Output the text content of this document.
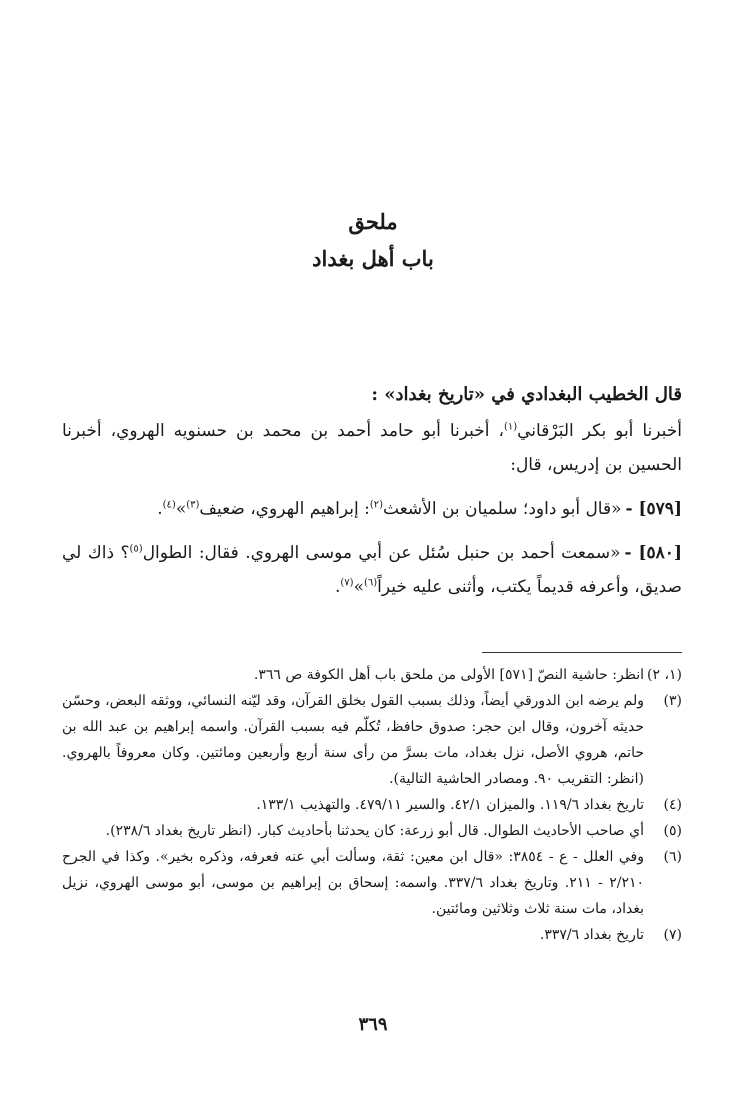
ملحق
باب أهل بغداد

قال الخطيب البغدادي في «تاريخ بغداد» :

أخبرنا أبو بكر البَرْقاني$^{(١)}$، أخبرنا أبو حامد أحمد بن محمد بن حسنويه الهروي، أخبرنا الحسين بن إدريس، قال:

[٥٧٩] -«قال أبو داود؛ سلميان بن الأشعث$^{(٢)}$: إبراهيم الهروي، ضعيف$^{(٣)}$»$^{(٤)}$.

[٥٨٠] -«سمعت أحمد بن حنبل سُئل عن أبي موسى الهروي. فقال: الطوال$^{(٥)}$؟ ذاك لي صديق، وأعرفه قديماً يكتب، وأثنى عليه خيراً$^{(٦)}$»$^{(٧)}$.

(١، ٢)
انظر: حاشية النصّ [٥٧١] الأولى من ملحق باب أهل الكوفة ص ٣٦٦.
(٣)
ولم يرضه ابن الدورقي أيضاً، وذلك بسبب القول بخلق القرآن، وقد ليّنه النسائي، ووثقه البعض، وحسّن حديثه آخرون، وقال ابن حجر: صدوق حافظ، تُكلّم فيه بسبب القرآن. واسمه إبراهيم بن عبد الله بن حاتم، هروي الأصل، نزل بغداد، مات بسرَّ من رأى سنة أربع وأربعين ومائتين. وكان معروفاً بالهروي. (انظر: التقريب ٩٠. ومصادر الحاشية التالية).
(٤)
تاريخ بغداد ١١٩/٦. والميزان ٤٢/١. والسير ٤٧٩/١١. والتهذيب ١٣٣/١.
(٥)
أي صاحب الأحاديث الطوال. قال أبو زرعة: كان يحدثنا بأحاديث كبار. (انظر تاريخ بغداد ٢٣٨/٦).
(٦)
وفي العلل - ع - ٣٨٥٤: «قال ابن معين: ثقة، وسألت أبي عنه فعرفه، وذكره بخير». وكذا في الجرح ٢/٢١٠ - ٢١١. وتاريخ بغداد ٣٣٧/٦. واسمه: إسحاق بن إبراهيم بن موسى، أبو موسى الهروي، نزيل بغداد، مات سنة ثلاث وثلاثين ومائتين.
(٧)
تاريخ بغداد ٣٣٧/٦.
٣٦٩
